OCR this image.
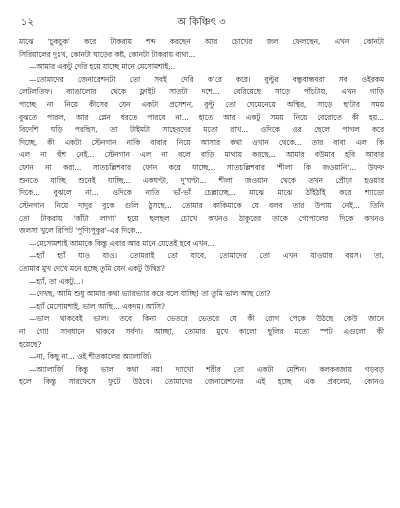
১২	অ কিঞ্চিৎ ৩
মাঝে 'চুকচুক' করে টাকরায় শব্দ করছেন আর চোখের জল ফেলছেন, এখন কোনটা
সিরিয়ালের দুঃখ, কোনটা ঘাড়ের কষ্ট, কোনটা টাকরায় ব্যথা...
—আমার একটু দেরি হয়ে যাচ্ছে মানে মেসোমশাই...
—তোমাদের জেনারেশনটা তো সবই দেরি ক'রে করে। বুল্টুর বন্ধুবান্ধবরা সব ওইরকম
লেটলতিফ। ব্যাঙালোর থেকে ফ্লাইট সাতটা দশে... বেরিয়েছে সাড়ে পাঁচটায়, এখন গাড়ি
পাচ্ছে না নিয়ে কীসের যেন একটা প্রসেশন, বুল্টু তো ঘেমেনেয়ে অস্থির, সাড়ে ছ'টার সময়
বুঝতে পারল, আর প্লেন ধরতে পারবে না... হাতে আর একটু সময় নিয়ে বেরোতে কী হয়...
বিদেশি ঘড়ি পরছিস, তা টাইমটা সাহেবদের মতো রাখ... ওদিকে ওর ছেলে পাগল করে
দিচ্ছে, কী একটা স্টেনগান নাকি বাবার নিয়ে আসার কথা ওখান থেকে... তার বাবা এল কি
এল না হুঁশ নেই... স্টেনগান এল না বলে বাড়ি মাথায় করছে... আমার বউমার হবি আবার
ফোন না করা... সাতচল্লিশবার ফোন করে যাচ্ছে... সাতচল্লিশবার 'শীলা কি জওয়ানি'... উফফ
শুনতে যাচ্ছি শুনেই যাচ্ছি... একঘণ্টা, দু'ঘণ্টা... শীলা জওয়ান থেকে তখন প্রৌঢ়া হওয়ার
দিকে... বুঝলে না... ওদিকে নাতি ভাঁ-ভাঁ চেল্লাচ্ছে... মাঝে মাঝে ঠাঁইঠাঁই করে শ্যাডো
স্টেনগান নিয়ে দাদুর বুকে গুলি ঠুসছে... তোমার কাকিমাকে যে বলব তার উপায় নেই... তিনি
তো টাকরায় 'কাঁটা লাগা' হয়ে ছলছল চোখে কখনও ঠাকুরের তাকে গোপালের দিকে কখনও
জলসা খুলে রিপিট 'পুণ্যিপুকুর'-এর দিকে...
—মেসোমশাই আমাকে কিন্তু এবার আর মানে যেতেই হবে এখন...
—হ্যাঁ হ্যাঁ যাও যাও। তোমরাই তো যাবে, তোমাদের তো এখন যাওয়ার বয়স। তা,
তোমার মুখ দেখে মনে হচ্ছে তুমি যেন একটু উদ্বিগ্ন?
—হ্যাঁ, তা একটু...।
—দেখছ, আমি শুধু আমার কথা ভ্যারভ্যার করে বলে যাচ্ছি! তা তুমি ভাল আছ তো?
—হ্যাঁ মেসোমশাই, ভাল আছি... একদম। আসি?
—ভাল থাকবেই ভাল। তবে কিনা ভেতরে ভেতরে যে কী রোগ পেকে উঠছে কেউ জানে
না গো! সাবধানে থাকবে সর্বদা। আচ্ছা, তোমার মুখে কালো ছুলির মতো স্পট এগুলো কী
হয়েছে?
—না, কিছু না... ওই শীতকালের অ্যালার্জি।
—অ্যালার্জি কিন্তু ভাল কথা নয়! দ্যাখো শরীর তো একটা মেশিন। কলকবজায় গড়বড়
হলে কিন্তু সারফেসে ফুটে উঠবে। তোমাদের জেনারেশনের এই হচ্ছে এক প্রবলেম, কোনও
